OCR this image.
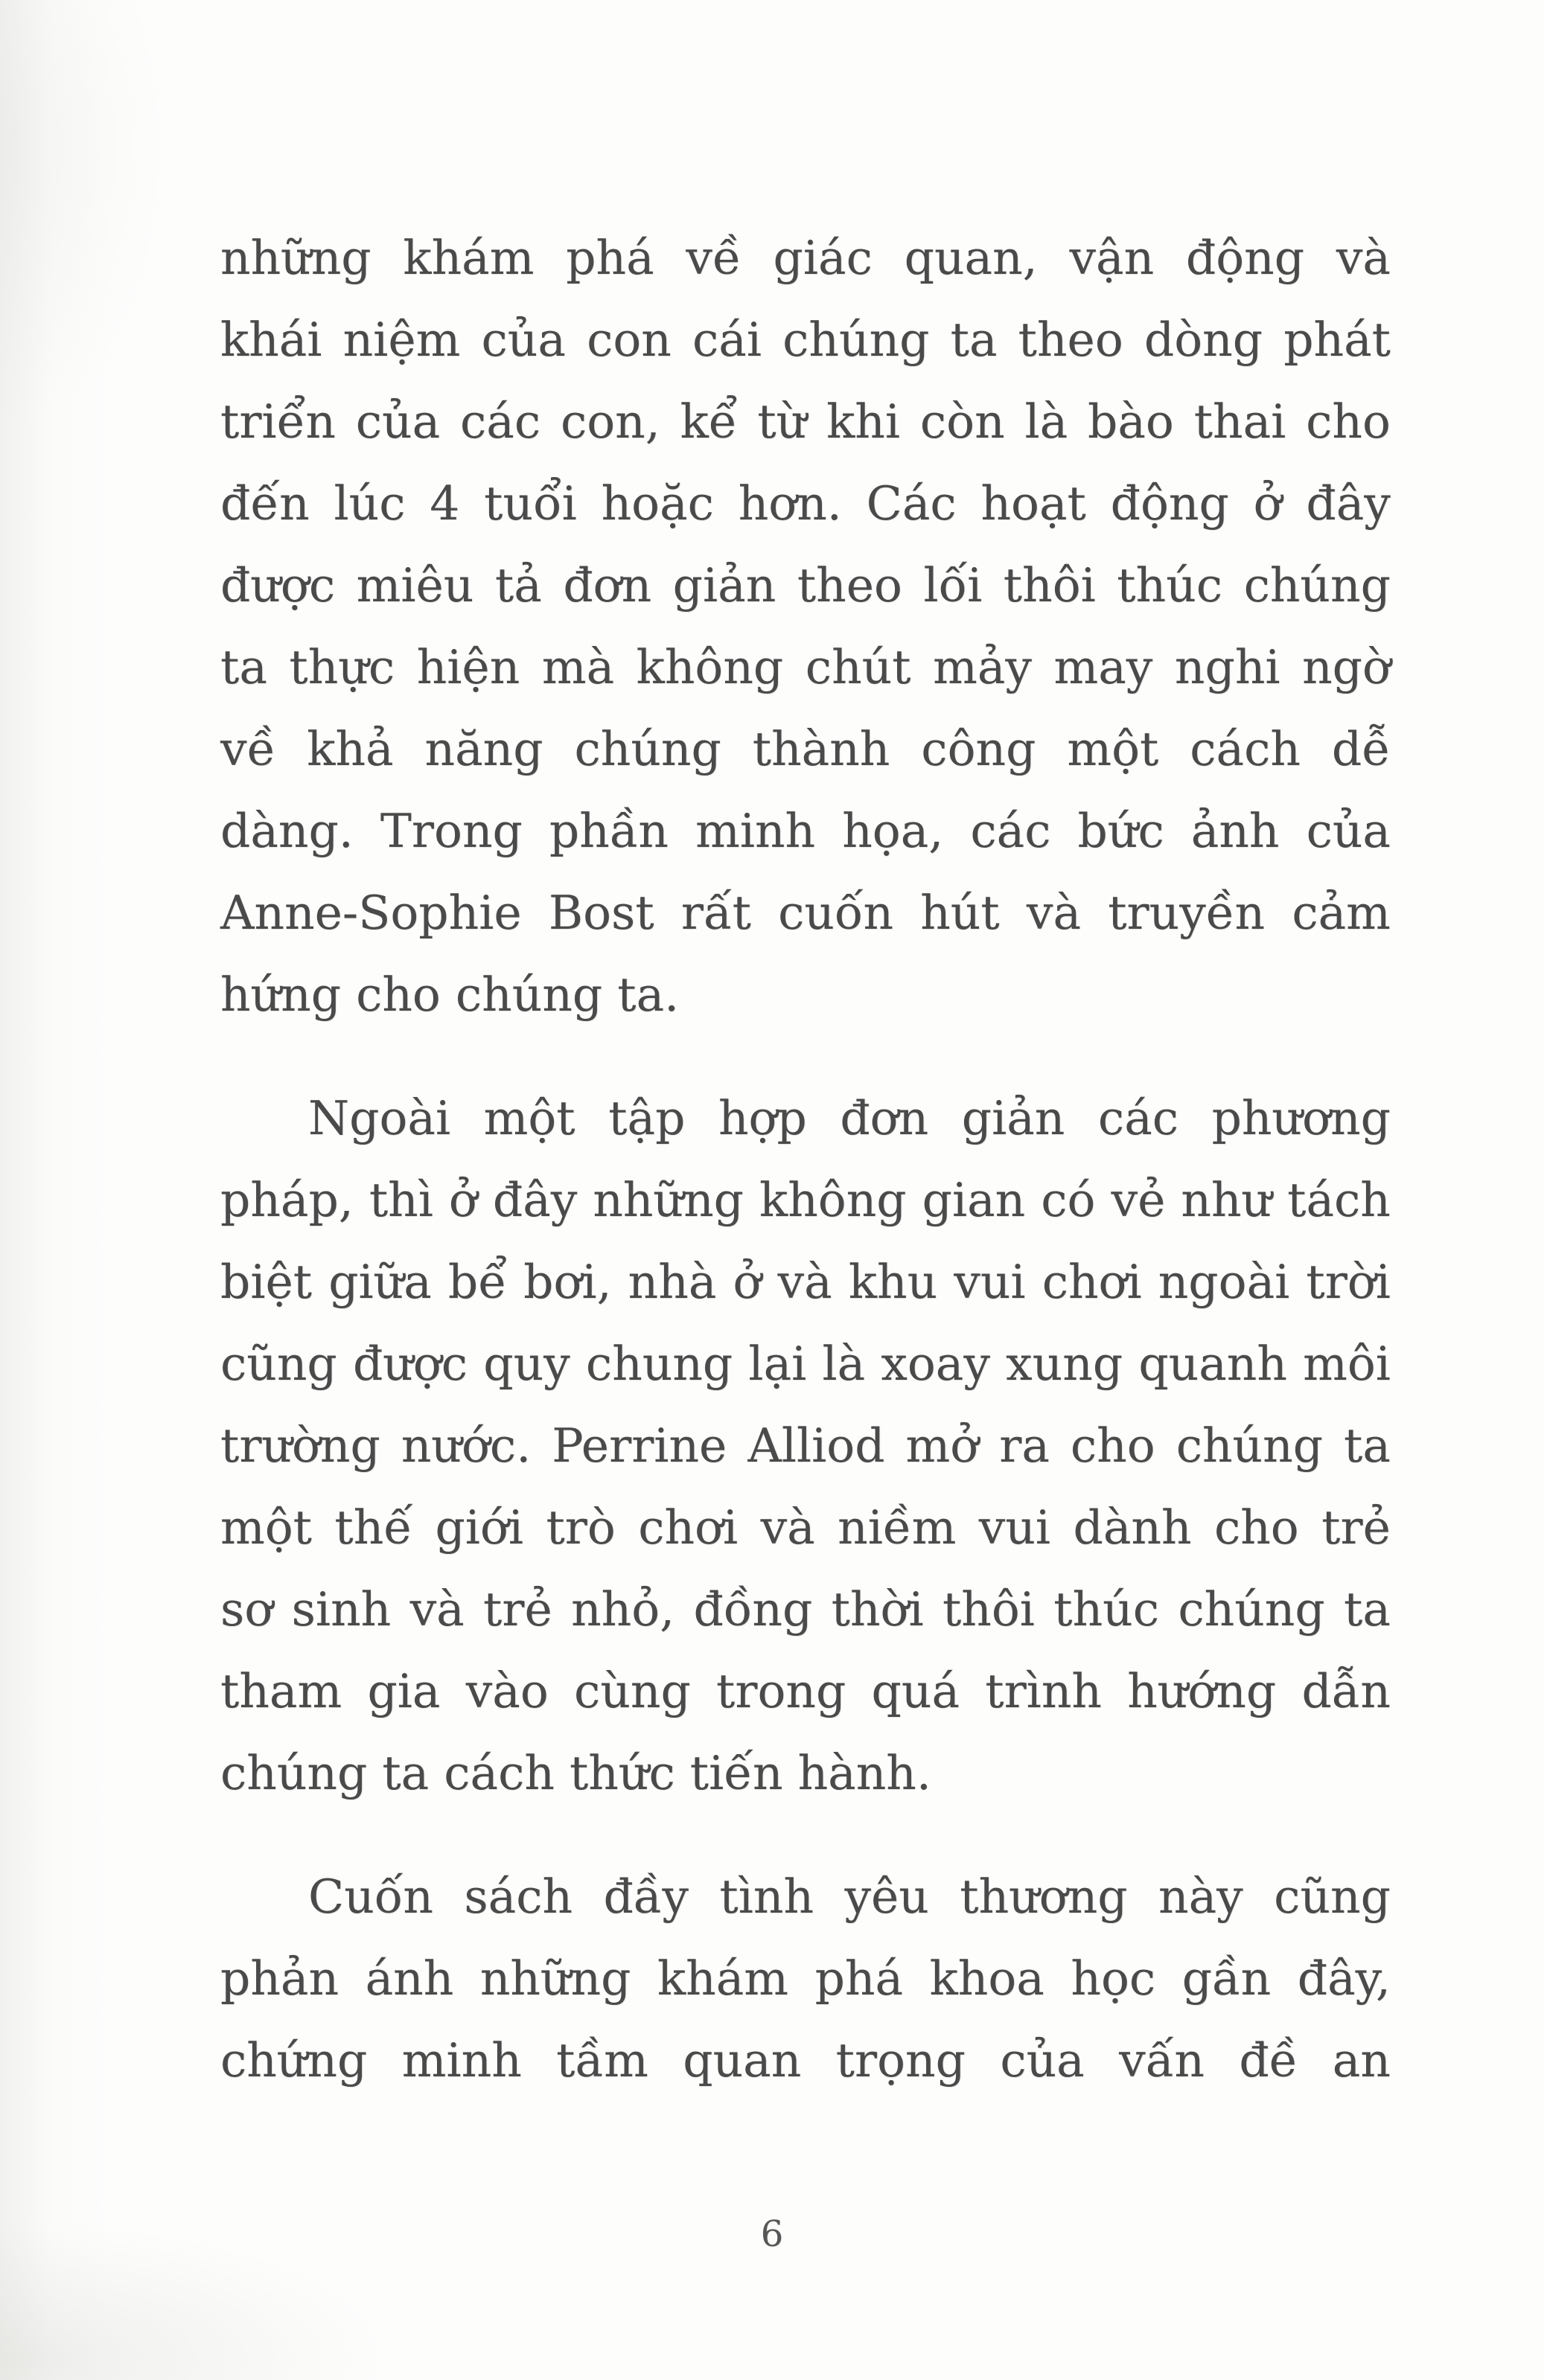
những khám phá về giác quan, vận động và
khái niệm của con cái chúng ta theo dòng phát
triển của các con, kể từ khi còn là bào thai cho
đến lúc 4 tuổi hoặc hơn. Các hoạt động ở đây
được miêu tả đơn giản theo lối thôi thúc chúng
ta thực hiện mà không chút mảy may nghi ngờ
về khả năng chúng thành công một cách dễ
dàng. Trong phần minh họa, các bức ảnh của
Anne-Sophie Bost rất cuốn hút và truyền cảm
hứng cho chúng ta.
Ngoài một tập hợp đơn giản các phương
pháp, thì ở đây những không gian có vẻ như tách
biệt giữa bể bơi, nhà ở và khu vui chơi ngoài trời
cũng được quy chung lại là xoay xung quanh môi
trường nước. Perrine Alliod mở ra cho chúng ta
một thế giới trò chơi và niềm vui dành cho trẻ
sơ sinh và trẻ nhỏ, đồng thời thôi thúc chúng ta
tham gia vào cùng trong quá trình hướng dẫn
chúng ta cách thức tiến hành.
Cuốn sách đầy tình yêu thương này cũng
phản ánh những khám phá khoa học gần đây,
chứng minh tầm quan trọng của vấn đề an
6
